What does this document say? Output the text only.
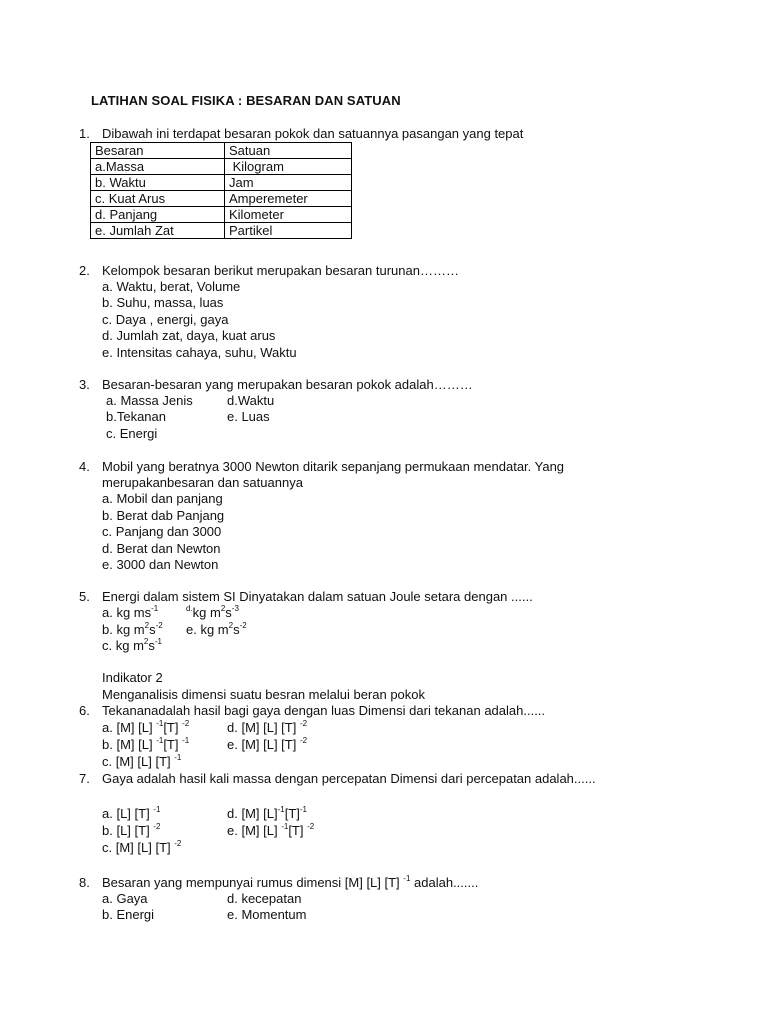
LATIHAN SOAL FISIKA : BESARAN DAN SATUAN
1. Dibawah ini terdapat besaran pokok dan satuannya pasangan yang tepat
Besaran	Satuan
a.Massa	Kilogram
b. Waktu	Jam
c. Kuat Arus	Amperemeter
d. Panjang	Kilometer
e. Jumlah Zat	Partikel
2. Kelompok besaran berikut merupakan besaran turunan………
a. Waktu, berat, Volume
b. Suhu, massa, luas
c. Daya , energi, gaya
d. Jumlah zat, daya, kuat arus
e. Intensitas cahaya, suhu, Waktu
3. Besaran-besaran yang merupakan besaran pokok adalah………
a. Massa Jenis	d.Waktu
b.Tekanan	e. Luas
c. Energi
4. Mobil yang beratnya 3000 Newton ditarik sepanjang permukaan mendatar. Yang
merupakanbesaran dan satuannya
a. Mobil dan panjang
b. Berat dab Panjang
c. Panjang dan 3000
d. Berat dan Newton
e. 3000 dan Newton
5. Energi dalam sistem SI Dinyatakan dalam satuan Joule setara dengan ......
a. kg $ms^{-1}$	$^{d.}$kg $m^2s^{-3}$
b. kg $m^2s^{-2}$ e. kg $m^2s^{-2}$
c. kg $m^2s^{-1}$
Indikator 2
Menganalisis dimensi suatu besran melalui beran pokok
6. Tekananadalah hasil bagi gaya dengan luas Dimensi dari tekanan adalah......
a. [M] [L] $^{-1}$[T] $^{-2}$	d. [M] [L] [T] $^{-2}$
b. [M] [L] $^{-1}$[T] $^{-1}$	e. [M] [L] [T] $^{-2}$
c. [M] [L] [T] $^{-1}$
7. Gaya adalah hasil kali massa dengan percepatan Dimensi dari percepatan adalah......
a. [L] [T] $^{-1}$	d. [M] $[L]^{-1}[T]^{-1}$
b. [L] [T] $^{-2}$	e. [M] [L] $^{-1}$[T] $^{-2}$
c. [M] [L] [T] $^{-2}$
8. Besaran yang mempunyai rumus dimensi [M] [L] [T] $^{-1}$ adalah.......
a. Gaya	d. kecepatan
b. Energi	e. Momentum
